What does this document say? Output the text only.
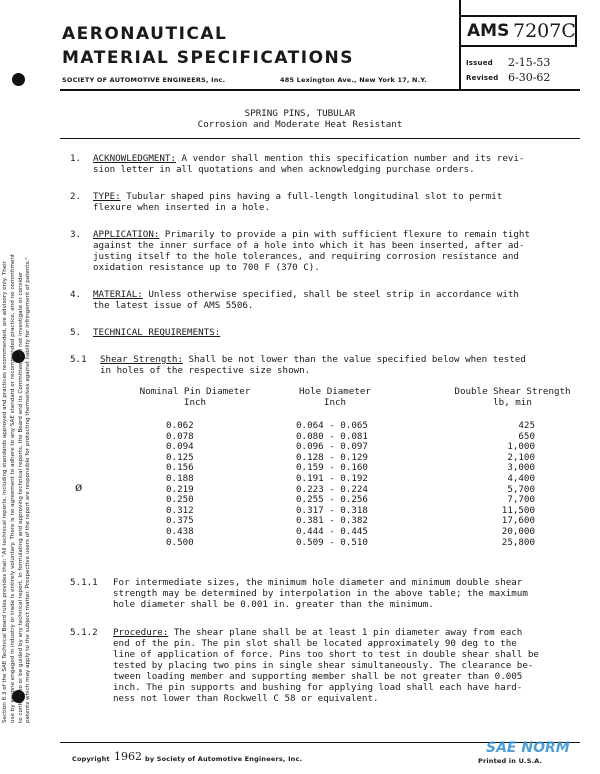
Section 8.3 of the SAE Technical Board rules provides that: "All technical reports, including standards approved and practices recommended, are advisory only. Their use by anyone engaged in industry or trade is entirely voluntary. There is no agreement to adhere to any SAE standard or recommended practice, and no commitment to conform to or be guided by any technical report. In formulating and approving technical reports, the Board and its Committees will not investigate or consider patents which may apply to the subject matter. Prospective users of the report are responsible for protecting themselves against liability for infringement of patents."
AERONAUTICAL
MATERIAL SPECIFICATIONS
SOCIETY OF AUTOMOTIVE ENGINEERS, Inc.	485 Lexington Ave., New York 17, N.Y.
AMS 7207C
Issued 2-15-53
Revised 6-30-62
SPRING PINS, TUBULAR
Corrosion and Moderate Heat Resistant
1. ACKNOWLEDGMENT: A vendor shall mention this specification number and its revi-
sion letter in all quotations and when acknowledging purchase orders.
2. TYPE: Tubular shaped pins having a full-length longitudinal slot to permit
flexure when inserted in a hole.
3. APPLICATION: Primarily to provide a pin with sufficient flexure to remain tight
against the inner surface of a hole into which it has been inserted, after ad-
justing itself to the hole tolerances, and requiring corrosion resistance and
oxidation resistance up to 700 F (370 C).
4. MATERIAL: Unless otherwise specified, shall be steel strip in accordance with
the latest issue of AMS 5506.
5. TECHNICAL REQUIREMENTS:
5.1 Shear Strength: Shall be not lower than the value specified below when tested
in holes of the respective size shown.
Nominal Pin Diameter
Inch
Hole Diameter
Inch
Double Shear Strength
lb, min
ø
0.062
0.078
0.094
0.125
0.156
0.188
0.219
0.250
0.312
0.375
0.438
0.500
0.064 - 0.065
0.080 - 0.081
0.096 - 0.097
0.128 - 0.129
0.159 - 0.160
0.191 - 0.192
0.223 - 0.224
0.255 - 0.256
0.317 - 0.318
0.381 - 0.382
0.444 - 0.445
0.509 - 0.510
425
650
1,000
2,100
3,000
4,400
5,700
7,700
11,500
17,600
20,000
25,800
5.1.1 For intermediate sizes, the minimum hole diameter and minimum double shear
strength may be determined by interpolation in the above table; the maximum
hole diameter shall be 0.001 in. greater than the minimum.
5.1.2 Procedure: The shear plane shall be at least 1 pin diameter away from each
end of the pin. The pin slot shall be located approximately 90 deg to the
line of application of force. Pins too short to test in double shear shall be
tested by placing two pins in single shear simultaneously. The clearance be-
tween loading member and supporting member shall be not greater than 0.005
inch. The pin supports and bushing for applying load shall each have hard-
ness not lower than Rockwell C 58 or equivalent.
Copyright 1962 by Society of Automotive Engineers, Inc.	Printed in U.S.A.
SAE NORM
